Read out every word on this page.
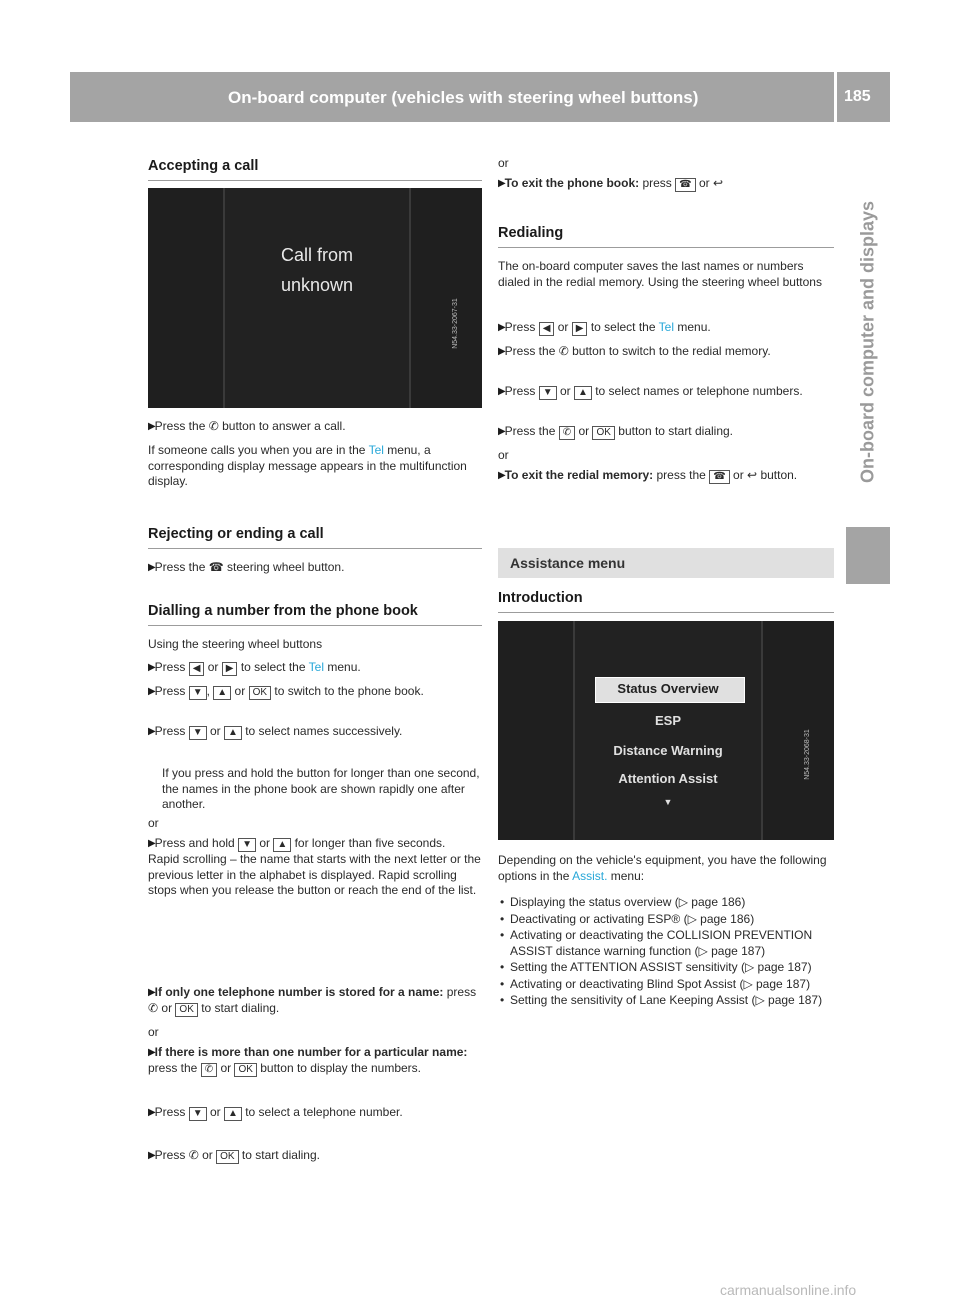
On-board computer (vehicles with steering wheel buttons)	185
On-board computer and displays
Accepting a call
Call from
unknown
N54.33-2067-31
▶
Press the ✆ button to answer a call.
If someone calls you when you are in the Tel menu, a corresponding display message appears in the multifunction display.
Rejecting or ending a call
▶
Press the ☎ steering wheel button.
Dialling a number from the phone book
Using the steering wheel buttons
▶
Press ◀ or ▶ to select the Tel menu.
▶
Press ▼ , ▲ or OK to switch to the phone book.
▶
Press ▼ or ▲ to select names successively.
If you press and hold the button for longer than one second, the names in the phone book are shown rapidly one after another.
or
▶
Press and hold ▼ or ▲ for longer than five seconds.
Rapid scrolling – the name that starts with the next letter or the previous letter in the alphabet is displayed. Rapid scrolling stops when you release the button or reach the end of the list.
▶
If only one telephone number is stored for a name: press ✆ or OK to start dialing.
or
▶
If there is more than one number for a particular name: press the ✆ or OK button to display the numbers.
▶
Press ▼ or ▲ to select a telephone number.
▶
Press ✆ or OK to start dialing.
or
▶
To exit the phone book: press ☎ or ↩
Redialing
The on-board computer saves the last names or numbers dialed in the redial memory. Using the steering wheel buttons
▶
Press ◀ or ▶ to select the Tel menu.
▶
Press the ✆ button to switch to the redial memory.
▶
Press ▼ or ▲ to select names or telephone numbers.
▶
Press the ✆ or OK button to start dialing.
or
▶
To exit the redial memory: press the ☎ or ↩ button.
Assistance menu
Introduction
Status Overview
ESP
Distance Warning
Attention Assist
▼
N54.33-2068-31
Depending on the vehicle's equipment, you have the following options in the Assist. menu:
• Displaying the status overview (▷ page 186)
• Deactivating or activating ESP® (▷ page 186)
• Activating or deactivating the COLLISION PREVENTION ASSIST distance warning function (▷ page 187)
• Setting the ATTENTION ASSIST sensitivity (▷ page 187)
• Activating or deactivating Blind Spot Assist (▷ page 187)
• Setting the sensitivity of Lane Keeping Assist (▷ page 187)
carmanualsonline.info
